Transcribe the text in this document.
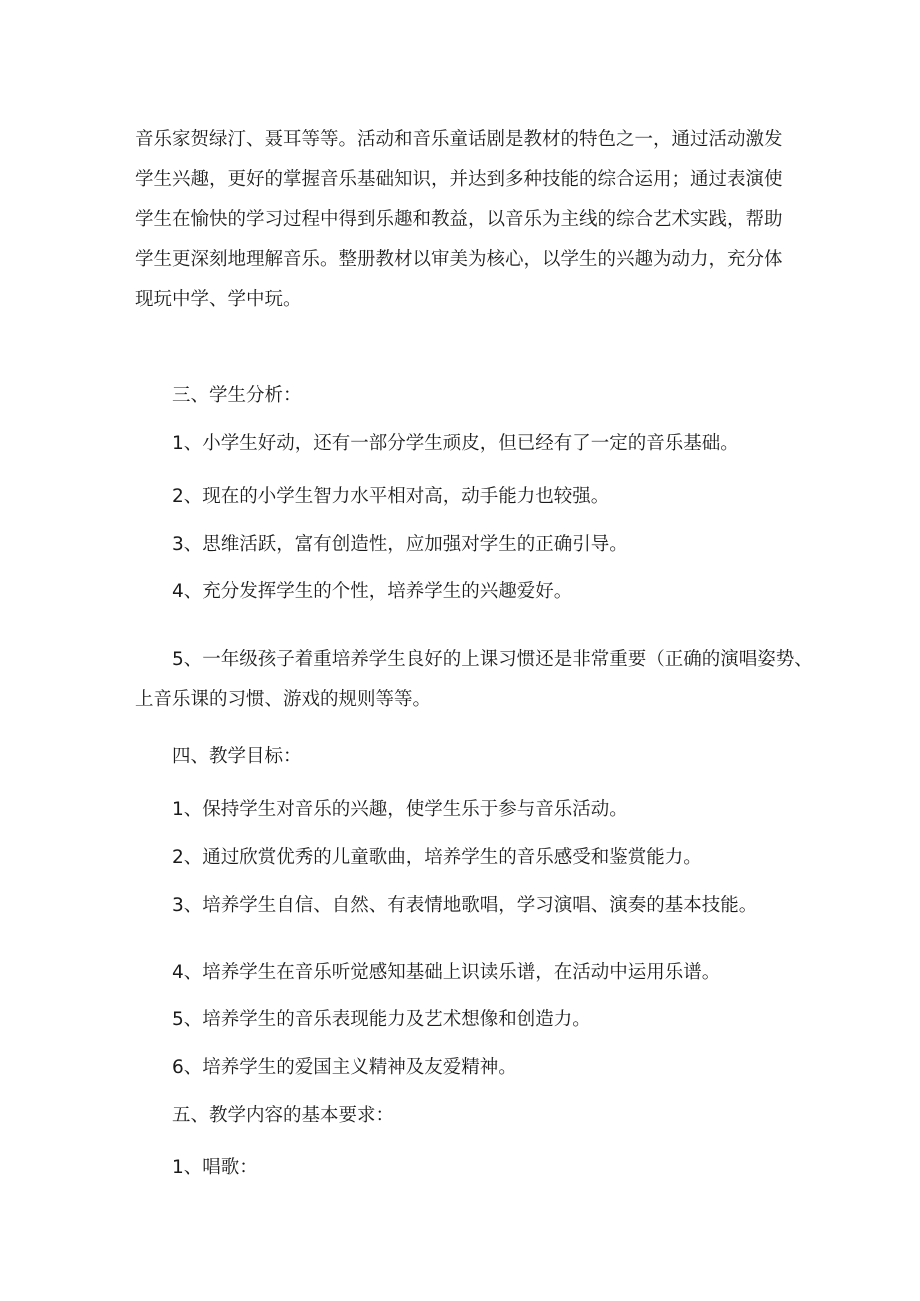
音乐家贺绿汀、聂耳等等。活动和音乐童话剧是教材的特色之一，通过活动激发
学生兴趣，更好的掌握音乐基础知识，并达到多种技能的综合运用；通过表演使
学生在愉快的学习过程中得到乐趣和教益，以音乐为主线的综合艺术实践，帮助
学生更深刻地理解音乐。整册教材以审美为核心，以学生的兴趣为动力，充分体
现玩中学、学中玩。

三、学生分析：

1、小学生好动，还有一部分学生顽皮，但已经有了一定的音乐基础。

2、现在的小学生智力水平相对高，动手能力也较强。

3、思维活跃，富有创造性，应加强对学生的正确引导。

4、充分发挥学生的个性，培养学生的兴趣爱好。

5、一年级孩子着重培养学生良好的上课习惯还是非常重要（正确的演唱姿势、
上音乐课的习惯、游戏的规则等等。

四、教学目标：

1、保持学生对音乐的兴趣，使学生乐于参与音乐活动。

2、通过欣赏优秀的儿童歌曲，培养学生的音乐感受和鉴赏能力。

3、培养学生自信、自然、有表情地歌唱，学习演唱、演奏的基本技能。

4、培养学生在音乐听觉感知基础上识读乐谱，在活动中运用乐谱。

5、培养学生的音乐表现能力及艺术想像和创造力。

6、培养学生的爱国主义精神及友爱精神。

五、教学内容的基本要求：

1、唱歌：
